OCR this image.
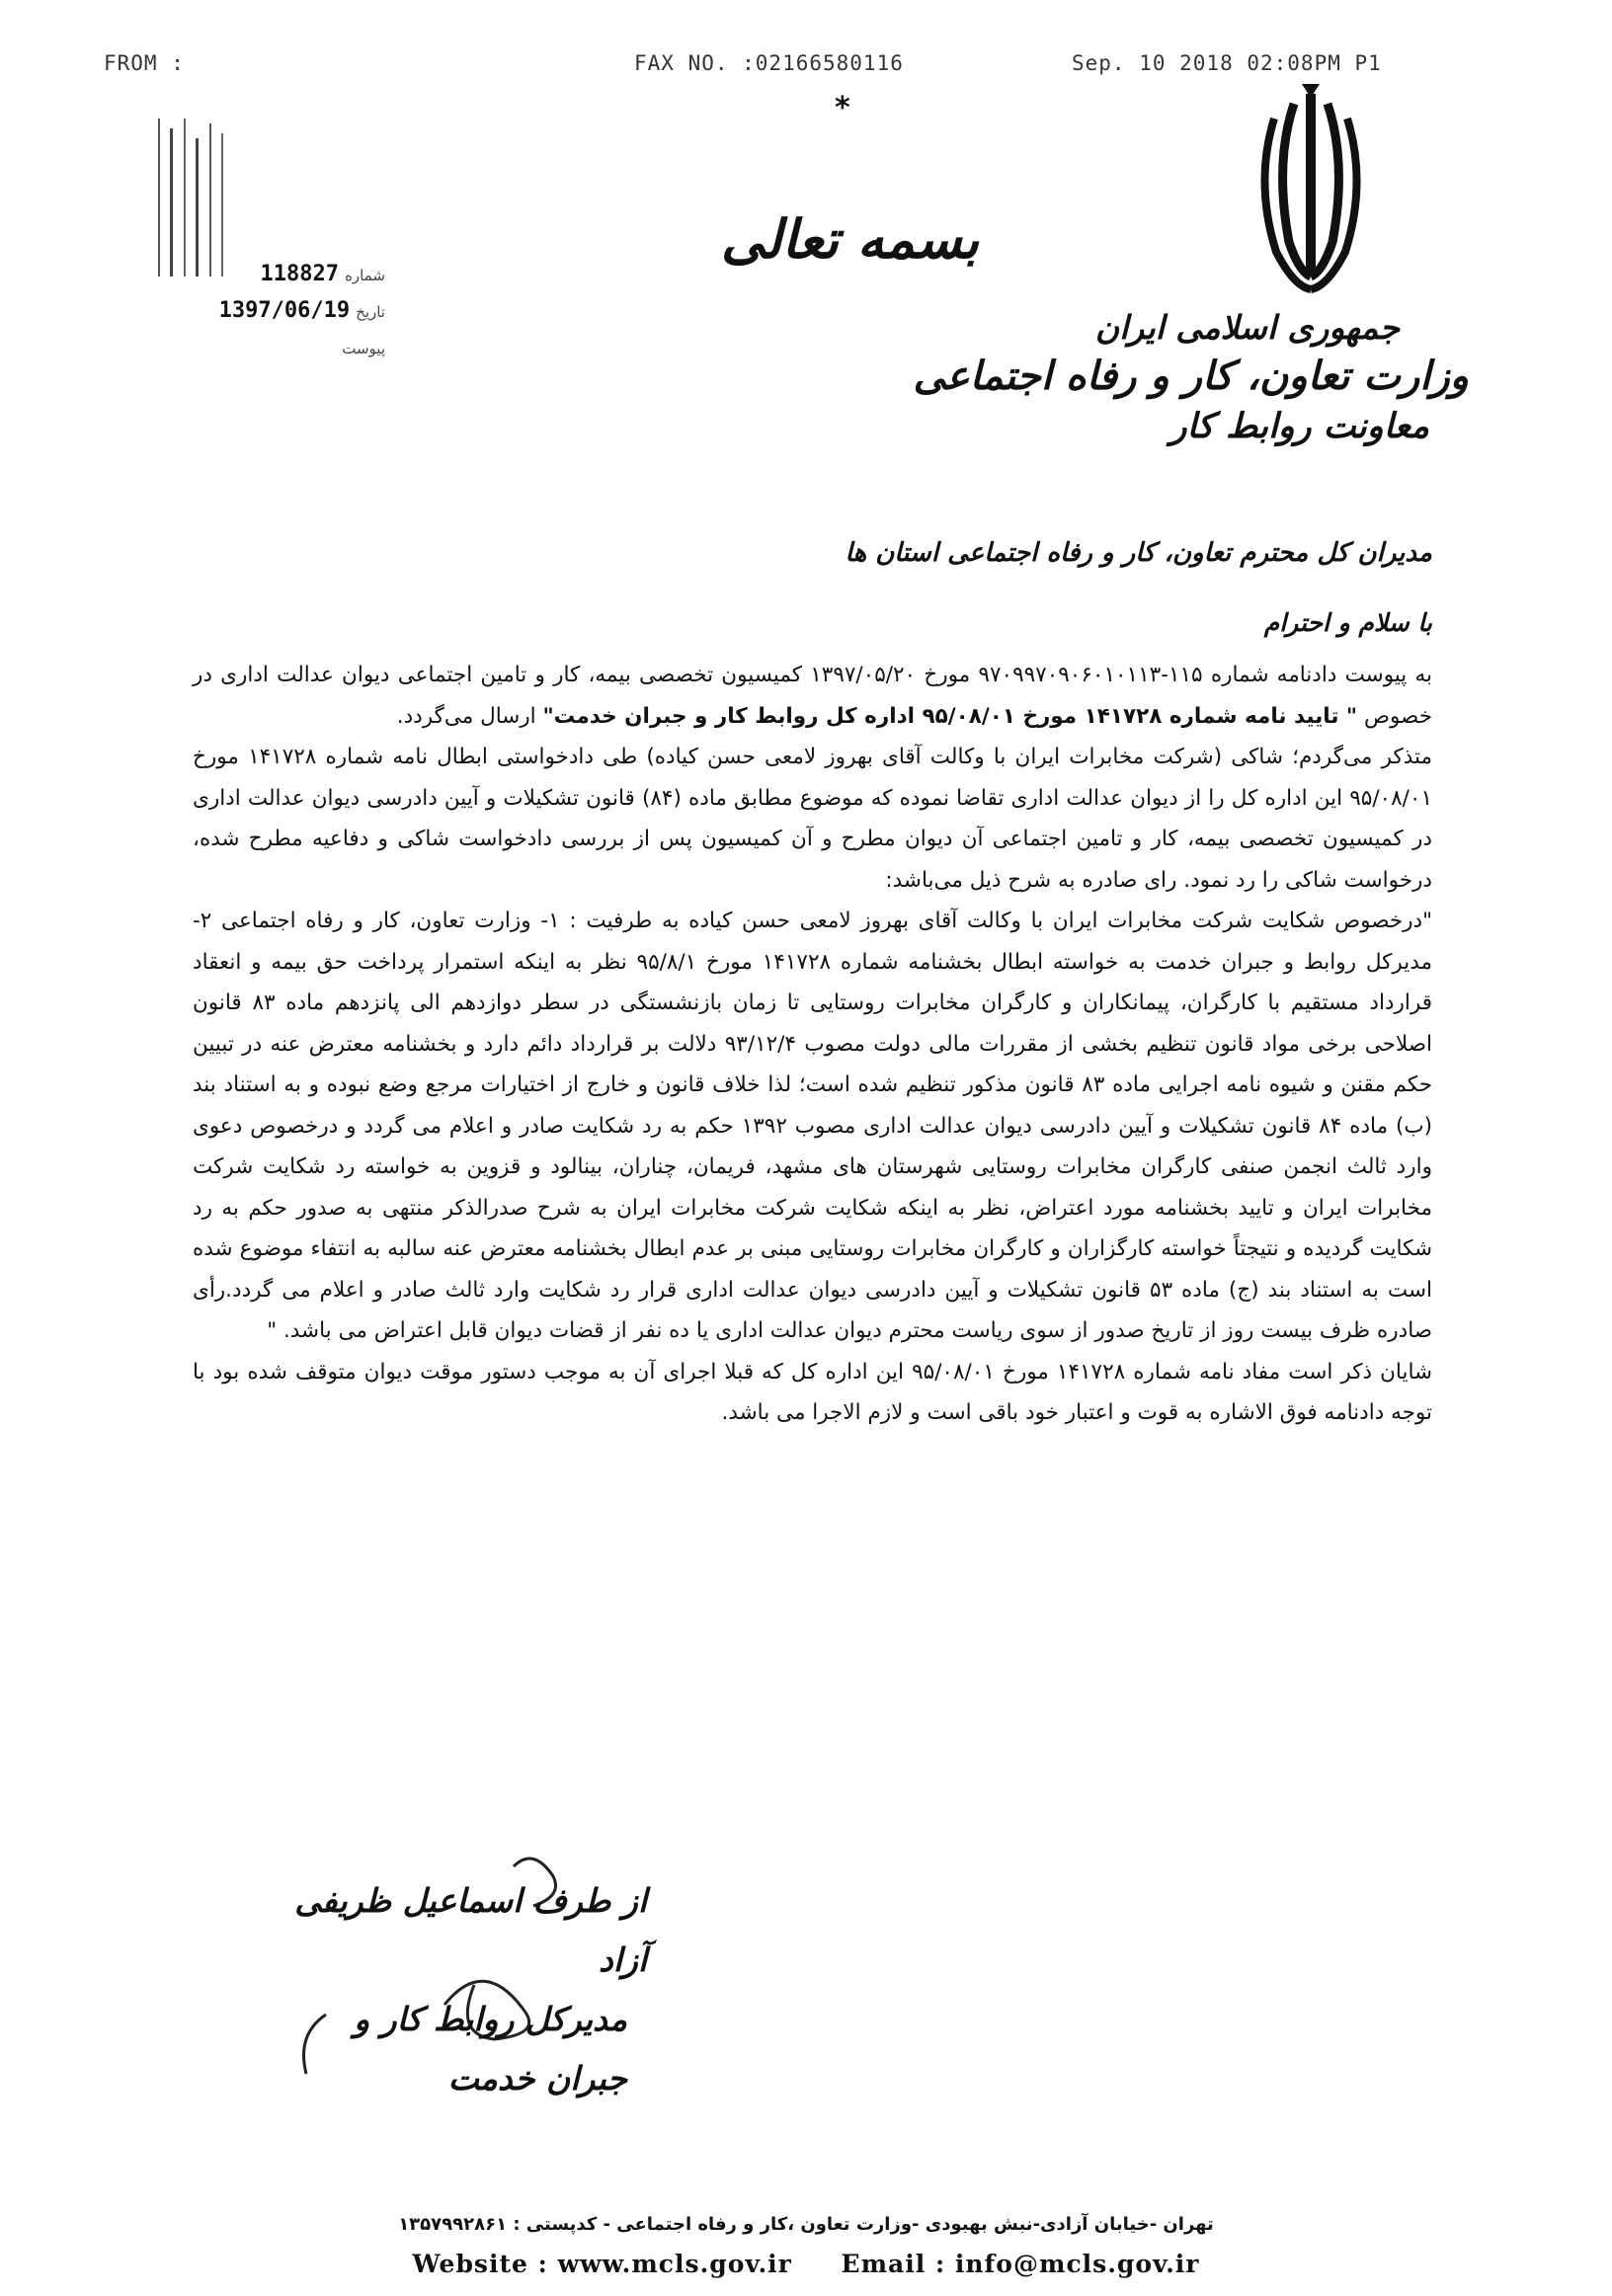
FROM :	FAX NO. :02166580116	Sep. 10 2018 02:08PM P1
شماره 118827
تاریخ 1397/06/19
پیوست
*
بسمه تعالی
جمهوری اسلامی ایران
وزارت تعاون، کار و رفاه اجتماعی
معاونت روابط کار

مدیران کل محترم تعاون، کار و رفاه اجتماعی استان ها

با سلام و احترام

به پیوست دادنامه شماره ۱۱۵-۹۷۰۹۹۷۰۹۰۶۰۱۰۱۱۳ مورخ ۱۳۹۷/۰۵/۲۰ کمیسیون تخصصی بیمه، کار و تامین اجتماعی دیوان عدالت اداری در خصوص " تایید نامه شماره ۱۴۱۷۲۸ مورخ ۹۵/۰۸/۰۱ اداره کل روابط کار و جبران خدمت" ارسال می‌گردد.

متذکر می‌گردم؛ شاکی (شرکت مخابرات ایران با وکالت آقای بهروز لامعی حسن کیاده) طی دادخواستی ابطال نامه شماره ۱۴۱۷۲۸ مورخ ۹۵/۰۸/۰۱ این اداره کل را از دیوان عدالت اداری تقاضا نموده که موضوع مطابق ماده (۸۴) قانون تشکیلات و آیین دادرسی دیوان عدالت اداری در کمیسیون تخصصی بیمه، کار و تامین اجتماعی آن دیوان مطرح و آن کمیسیون پس از بررسی دادخواست شاکی و دفاعیه مطرح شده، درخواست شاکی را رد نمود. رای صادره به شرح ذیل می‌باشد:

"درخصوص شکایت شرکت مخابرات ایران با وکالت آقای بهروز لامعی حسن کیاده به طرفیت : ۱- وزارت تعاون، کار و رفاه اجتماعی ۲- مدیرکل روابط و جبران خدمت به خواسته ابطال بخشنامه شماره ۱۴۱۷۲۸ مورخ ۹۵/۸/۱ نظر به اینکه استمرار پرداخت حق بیمه و انعقاد قرارداد مستقیم با کارگران، پیمانکاران و کارگران مخابرات روستایی تا زمان بازنشستگی در سطر دوازدهم الی پانزدهم ماده ۸۳ قانون اصلاحی برخی مواد قانون تنظیم بخشی از مقررات مالی دولت مصوب ۹۳/۱۲/۴ دلالت بر قرارداد دائم دارد و بخشنامه معترض عنه در تبیین حکم مقنن و شیوه نامه اجرایی ماده ۸۳ قانون مذکور تنظیم شده است؛ لذا خلاف قانون و خارج از اختیارات مرجع وضع نبوده و به استناد بند (ب) ماده ۸۴ قانون تشکیلات و آیین دادرسی دیوان عدالت اداری مصوب ۱۳۹۲ حکم به رد شکایت صادر و اعلام می گردد و درخصوص دعوی وارد ثالث انجمن صنفی کارگران مخابرات روستایی شهرستان های مشهد، فریمان، چناران، بینالود و قزوین به خواسته رد شکایت شرکت مخابرات ایران و تایید بخشنامه مورد اعتراض، نظر به اینکه شکایت شرکت مخابرات ایران به شرح صدرالذکر منتهی به صدور حکم به رد شکایت گردیده و نتیجتاً خواسته کارگزاران و کارگران مخابرات روستایی مبنی بر عدم ابطال بخشنامه معترض عنه سالبه به انتفاء موضوع شده است به استناد بند (ج) ماده ۵۳ قانون تشکیلات و آیین دادرسی دیوان عدالت اداری قرار رد شکایت وارد ثالث صادر و اعلام می گردد.رأی صادره ظرف بیست روز از تاریخ صدور از سوی ریاست محترم دیوان عدالت اداری یا ده نفر از قضات دیوان قابل اعتراض می باشد. "

شایان ذکر است مفاد نامه شماره ۱۴۱۷۲۸ مورخ ۹۵/۰۸/۰۱ این اداره کل که قبلا اجرای آن به موجب دستور موقت دیوان متوقف شده بود با توجه دادنامه فوق الاشاره به قوت و اعتبار خود باقی است و لازم الاجرا می باشد.

از طرف اسماعیل ظریفی آزاد
مدیرکل روابط کار و جبران خدمت
تهران -خیابان آزادی-نبش بهبودی -وزارت تعاون ،کار و رفاه اجتماعی - کدپستی : ۱۳۵۷۹۹۲۸۶۱
Website : www.mcls.gov.ir Email : info@mcls.gov.ir
